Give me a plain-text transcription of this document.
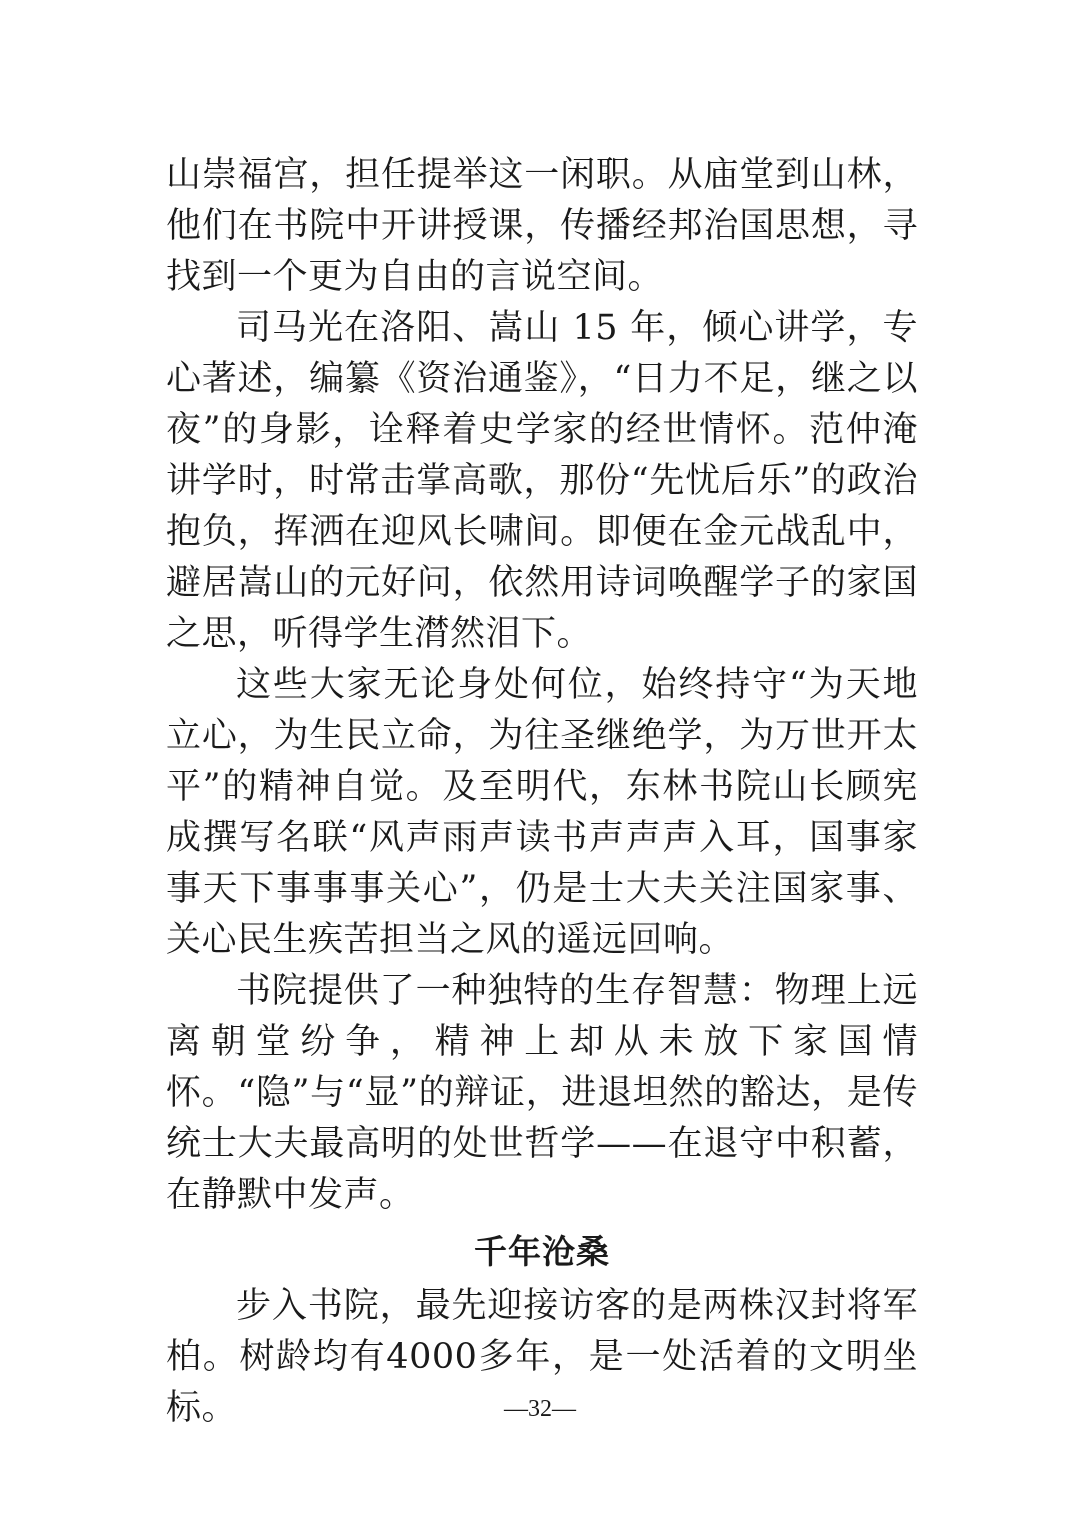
山崇福宫，担任提举这一闲职。从庙堂到山林，他们在书院中开讲授课，传播经邦治国思想，寻找到一个更为自由的言说空间。

司马光在洛阳、嵩山 15 年，倾心讲学，专心著述，编纂《资治通鉴》，“日力不足，继之以夜”的身影，诠释着史学家的经世情怀。范仲淹讲学时，时常击掌高歌，那份“先忧后乐”的政治抱负，挥洒在迎风长啸间。即便在金元战乱中，避居嵩山的元好问，依然用诗词唤醒学子的家国之思，听得学生潸然泪下。

这些大家无论身处何位，始终持守“为天地立心，为生民立命，为往圣继绝学，为万世开太平”的精神自觉。及至明代，东林书院山长顾宪成撰写名联“风声雨声读书声声声入耳，国事家事天下事事事关心”，仍是士大夫关注国家事、关心民生疾苦担当之风的遥远回响。

书院提供了一种独特的生存智慧：物理上远离朝堂纷争，精神上却从未放下家国情怀。“隐”与“显”的辩证，进退坦然的豁达，是传统士大夫最高明的处世哲学——在退守中积蓄，在静默中发声。

千年沧桑

步入书院，最先迎接访客的是两株汉封将军柏。树龄均有4000多年，是一处活着的文明坐标。	—32—
